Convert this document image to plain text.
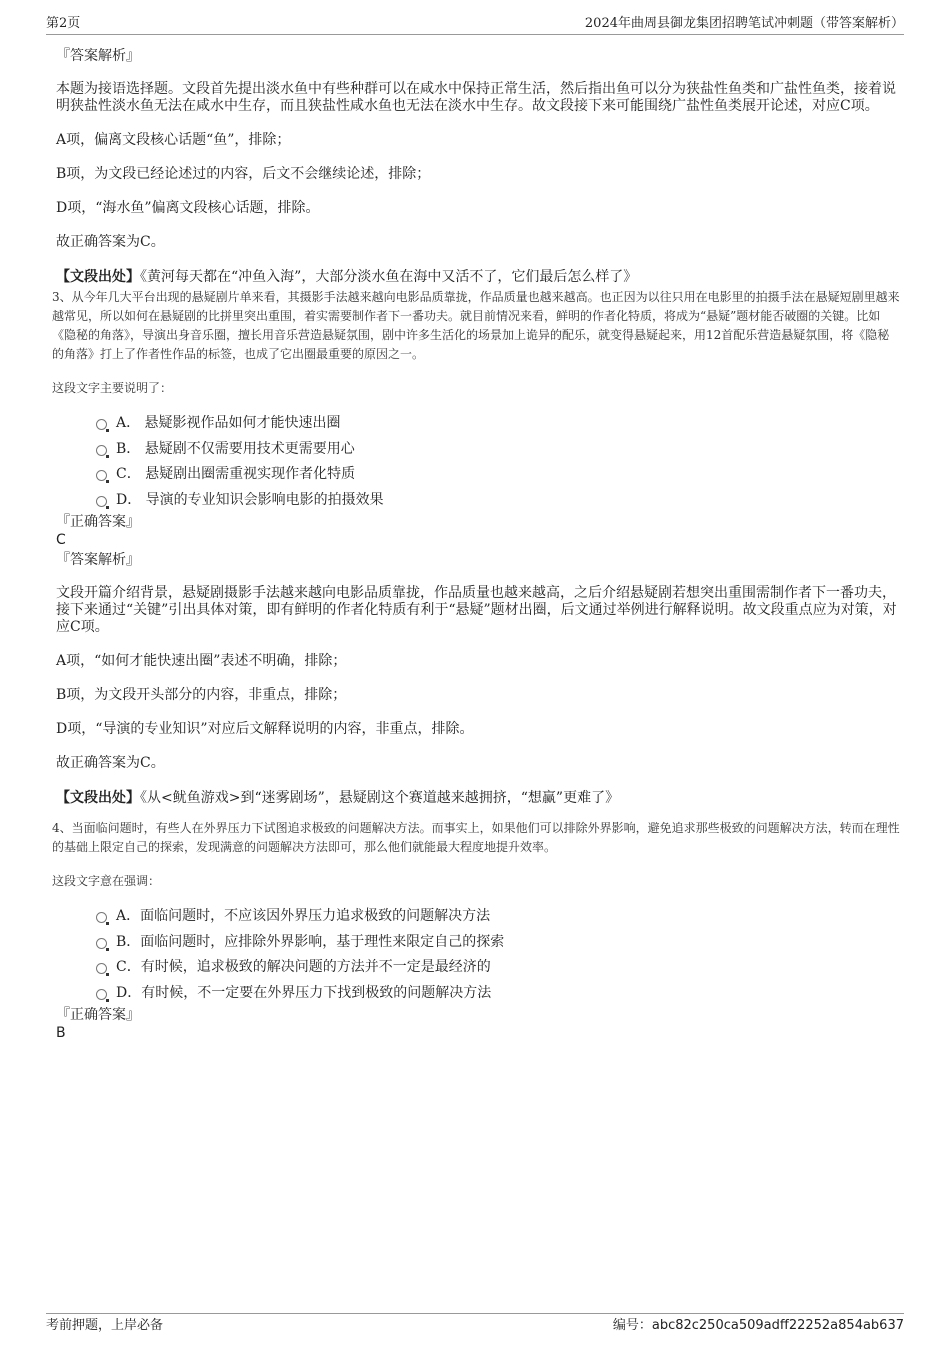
第2页	2024年曲周县御龙集团招聘笔试冲刺题（带答案解析）

『答案解析』

本题为接语选择题。文段首先提出淡水鱼中有些种群可以在咸水中保持正常生活，然后指出鱼可以分为狭盐性鱼类和广盐性鱼类，接着说明狭盐性淡水鱼无法在咸水中生存，而且狭盐性咸水鱼也无法在淡水中生存。故文段接下来可能围绕广盐性鱼类展开论述，对应C项。

A项，偏离文段核心话题“鱼”，排除；

B项，为文段已经论述过的内容，后文不会继续论述，排除；

D项，“海水鱼”偏离文段核心话题，排除。

故正确答案为C。

【文段出处】《黄河每天都在“冲鱼入海”，大部分淡水鱼在海中又活不了，它们最后怎么样了》

3、从今年几大平台出现的悬疑剧片单来看，其摄影手法越来越向电影品质靠拢，作品质量也越来越高。也正因为以往只用在电影里的拍摄手法在悬疑短剧里越来越常见，所以如何在悬疑剧的比拼里突出重围，着实需要制作者下一番功夫。就目前情况来看，鲜明的作者化特质，将成为“悬疑”题材能否破圈的关键。比如《隐秘的角落》，导演出身音乐圈，擅长用音乐营造悬疑氛围，剧中许多生活化的场景加上诡异的配乐，就变得悬疑起来，用12首配乐营造悬疑氛围，将《隐秘的角落》打上了作者性作品的标签，也成了它出圈最重要的原因之一。

这段文字主要说明了：

A． 悬疑影视作品如何才能快速出圈
B． 悬疑剧不仅需要用技术更需要用心
C． 悬疑剧出圈需重视实现作者化特质
D． 导演的专业知识会影响电影的拍摄效果

『正确答案』

C

『答案解析』

文段开篇介绍背景，悬疑剧摄影手法越来越向电影品质靠拢，作品质量也越来越高，之后介绍悬疑剧若想突出重围需制作者下一番功夫，接下来通过“关键”引出具体对策，即有鲜明的作者化特质有利于“悬疑”题材出圈，后文通过举例进行解释说明。故文段重点应为对策，对应C项。

A项，“如何才能快速出圈”表述不明确，排除；

B项，为文段开头部分的内容，非重点，排除；

D项，“导演的专业知识”对应后文解释说明的内容，非重点，排除。

故正确答案为C。

【文段出处】《从<鱿鱼游戏>到“迷雾剧场”，悬疑剧这个赛道越来越拥挤，“想赢”更难了》

4、当面临问题时，有些人在外界压力下试图追求极致的问题解决方法。而事实上，如果他们可以排除外界影响，避免追求那些极致的问题解决方法，转而在理性的基础上限定自己的探索，发现满意的问题解决方法即可，那么他们就能最大程度地提升效率。

这段文字意在强调：

A．面临问题时，不应该因外界压力追求极致的问题解决方法
B．面临问题时，应排除外界影响，基于理性来限定自己的探索
C．有时候，追求极致的解决问题的方法并不一定是最经济的
D．有时候，不一定要在外界压力下找到极致的问题解决方法

『正确答案』

B

考前押题，上岸必备	编号：abc82c250ca509adff22252a854ab637
